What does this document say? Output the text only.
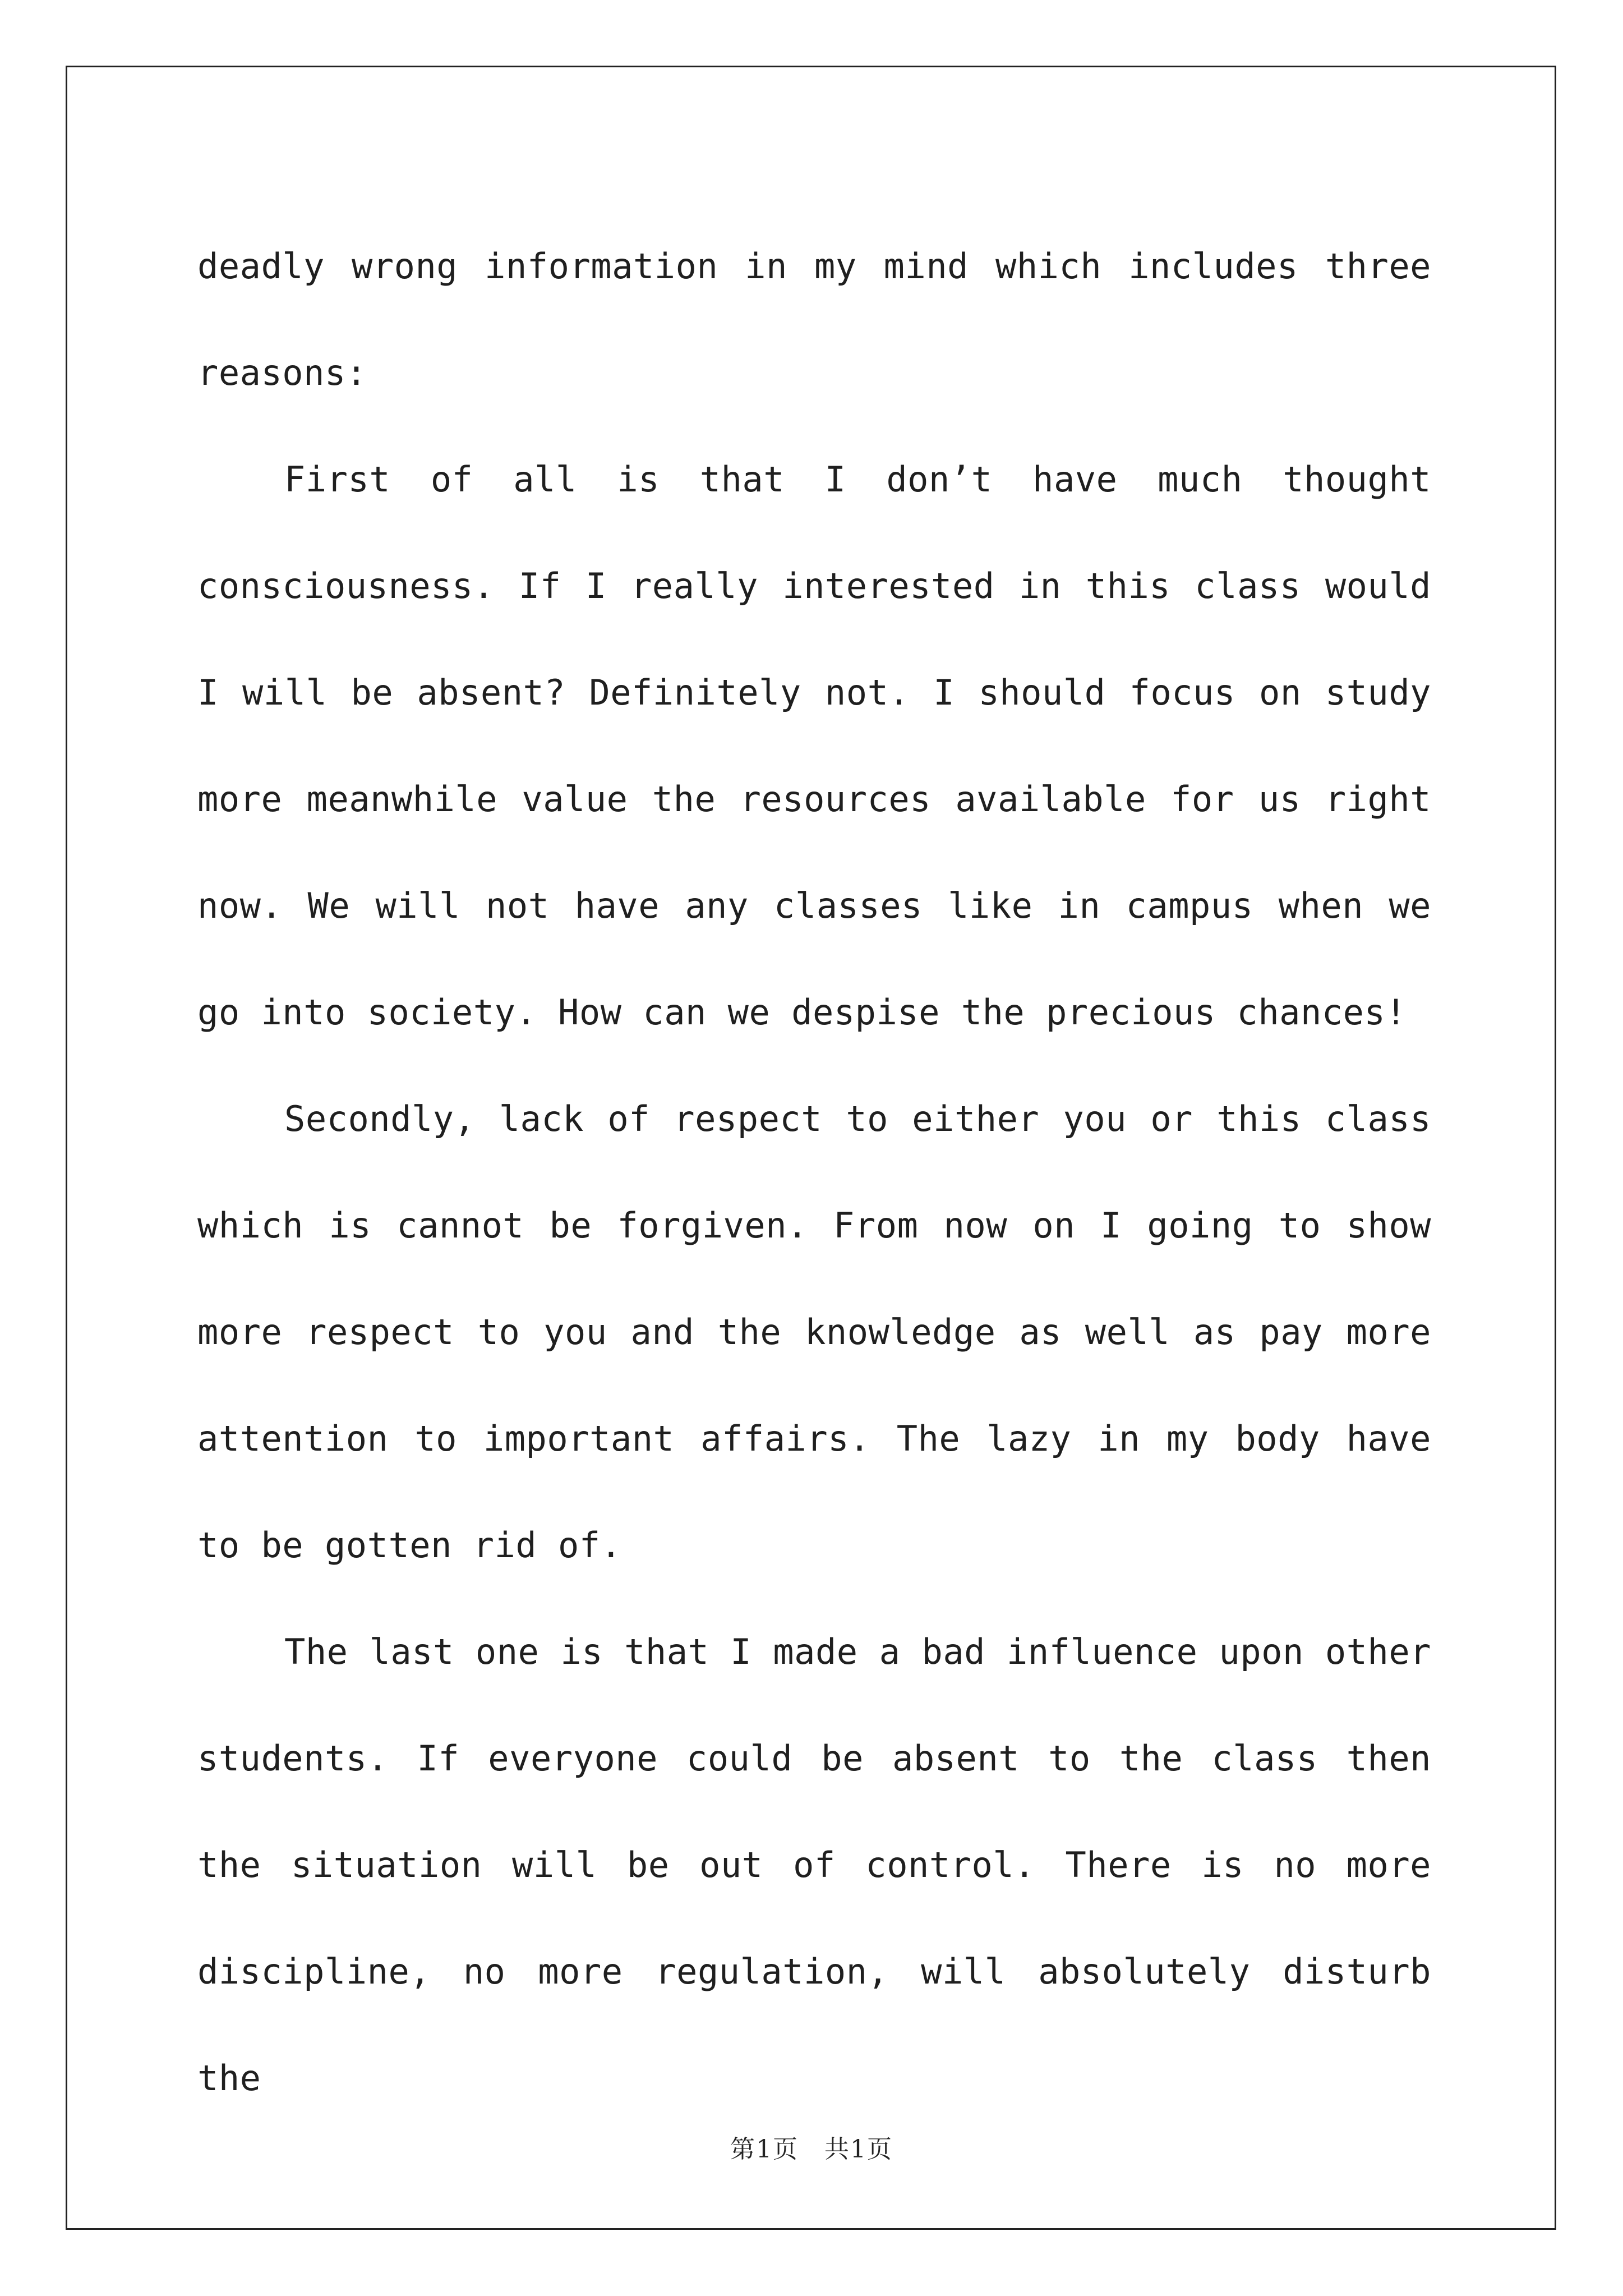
deadly wrong information in my mind which includes three reasons:

First of all is that I don’t have much thought consciousness. If I really interested in this class would I will be absent? Definitely not. I should focus on study more meanwhile value the resources available for us right now. We will not have any classes like in campus when we go into society. How can we despise the precious chances!

Secondly, lack of respect to either you or this class which is cannot be forgiven. From now on I going to show more respect to you and the knowledge as well as pay more attention to important affairs. The lazy in my body have to be gotten rid of.

The last one is that I made a bad influence upon other students. If everyone could be absent to the class then the situation will be out of control. There is no more discipline, no more regulation, will absolutely disturb the

第1页　共1页
